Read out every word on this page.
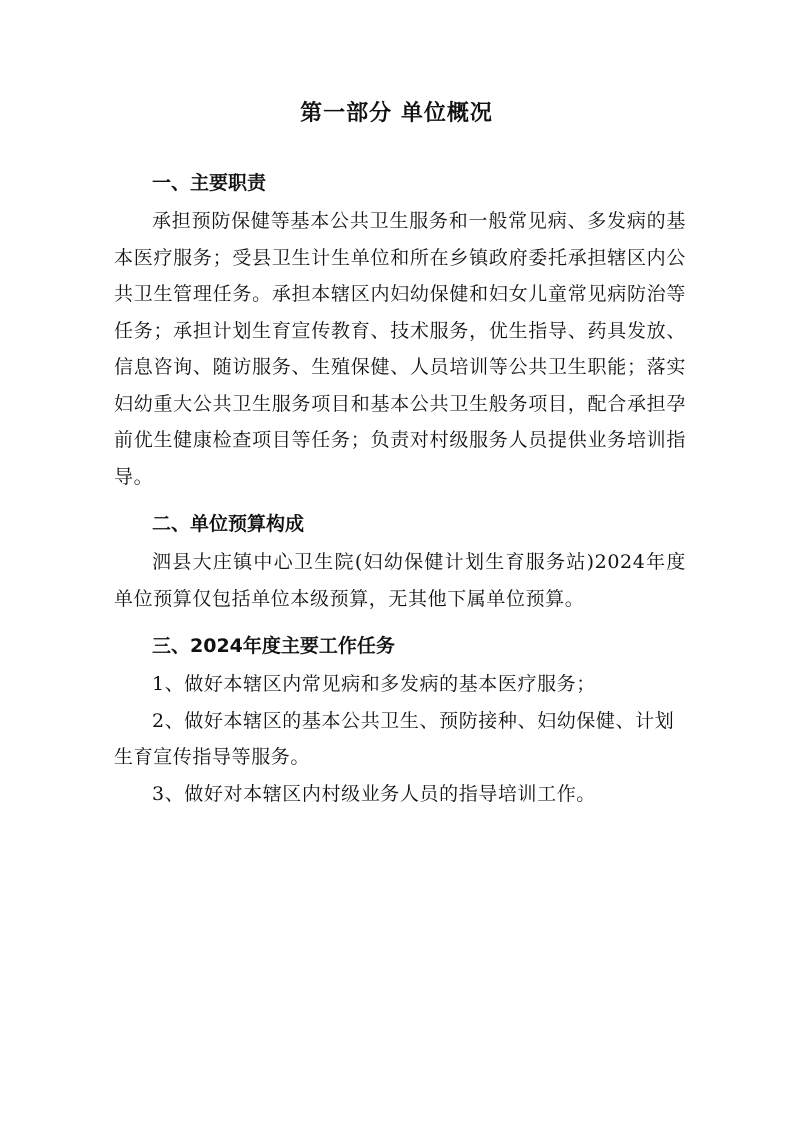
第一部分 单位概况
一、主要职责

承担预防保健等基本公共卫生服务和一般常见病、多发病的基本医疗服务；受县卫生计生单位和所在乡镇政府委托承担辖区内公共卫生管理任务。承担本辖区内妇幼保健和妇女儿童常见病防治等任务；承担计划生育宣传教育、技术服务，优生指导、药具发放、信息咨询、随访服务、生殖保健、人员培训等公共卫生职能；落实妇幼重大公共卫生服务项目和基本公共卫生般务项目，配合承担孕前优生健康检查项目等任务；负责对村级服务人员提供业务培训指导。

二、单位预算构成

泗县大庄镇中心卫生院(妇幼保健计划生育服务站)2024年度单位预算仅包括单位本级预算，无其他下属单位预算。

三、2024年度主要工作任务

1、做好本辖区内常见病和多发病的基本医疗服务；

2、做好本辖区的基本公共卫生、预防接种、妇幼保健、计划生育宣传指导等服务。

3、做好对本辖区内村级业务人员的指导培训工作。
